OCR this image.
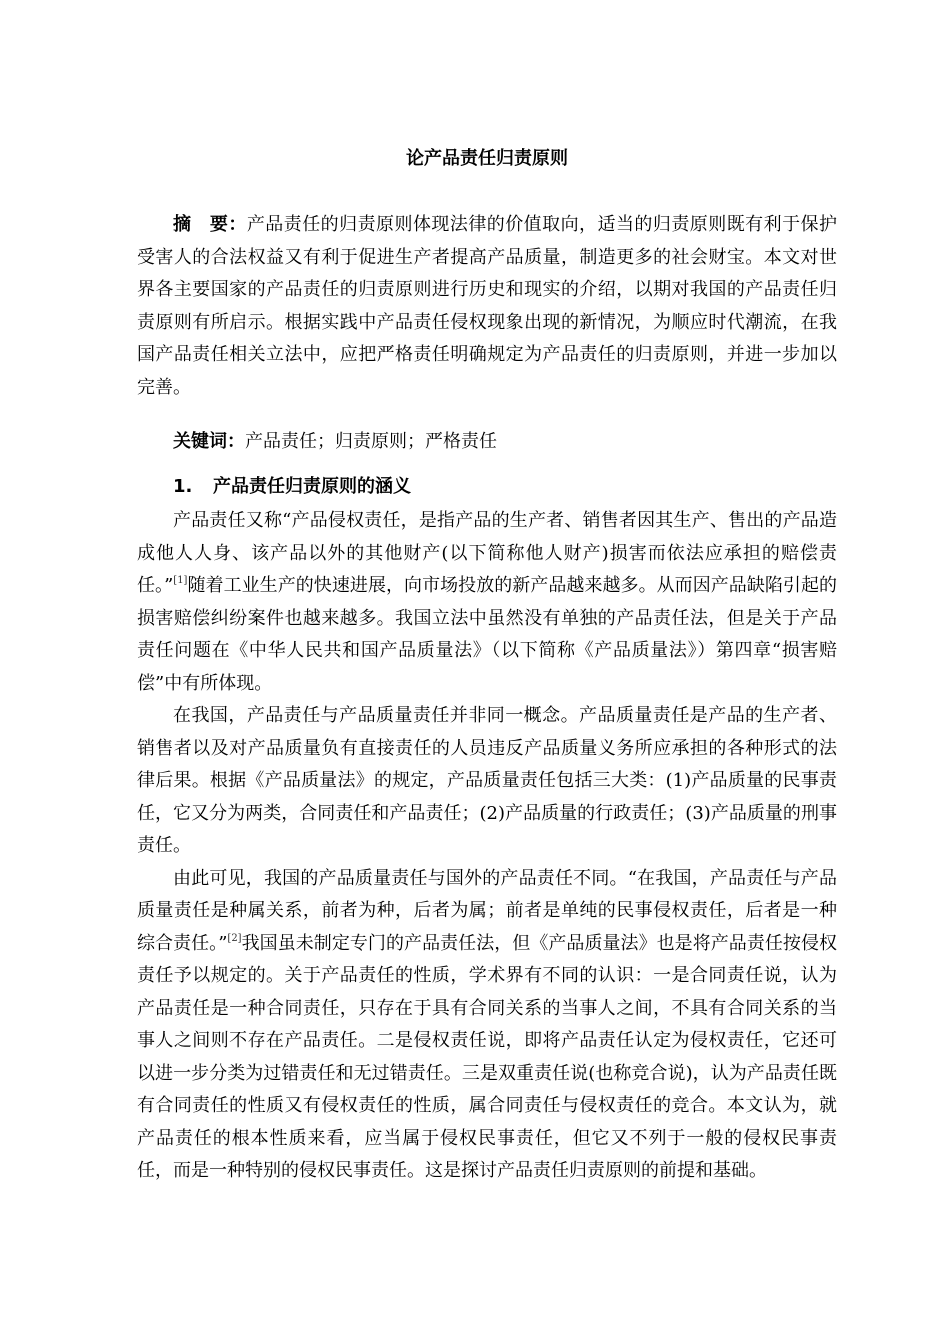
论产品责任归责原则

摘　要：产品责任的归责原则体现法律的价值取向，适当的归责原则既有利于保护受害人的合法权益又有利于促进生产者提高产品质量，制造更多的社会财宝。本文对世界各主要国家的产品责任的归责原则进行历史和现实的介绍，以期对我国的产品责任归责原则有所启示。根据实践中产品责任侵权现象出现的新情况，为顺应时代潮流，在我国产品责任相关立法中，应把严格责任明确规定为产品责任的归责原则，并进一步加以完善。

关键词：产品责任；归责原则；严格责任

1. 产品责任归责原则的涵义

产品责任又称“产品侵权责任，是指产品的生产者、销售者因其生产、售出的产品造成他人人身、该产品以外的其他财产(以下简称他人财产)损害而依法应承担的赔偿责任。”[1]随着工业生产的快速进展，向市场投放的新产品越来越多。从而因产品缺陷引起的损害赔偿纠纷案件也越来越多。我国立法中虽然没有单独的产品责任法，但是关于产品责任问题在《中华人民共和国产品质量法》（以下简称《产品质量法》）第四章“损害赔偿”中有所体现。

在我国，产品责任与产品质量责任并非同一概念。产品质量责任是产品的生产者、销售者以及对产品质量负有直接责任的人员违反产品质量义务所应承担的各种形式的法律后果。根据《产品质量法》的规定，产品质量责任包括三大类：(1)产品质量的民事责任，它又分为两类，合同责任和产品责任；(2)产品质量的行政责任；(3)产品质量的刑事责任。

由此可见，我国的产品质量责任与国外的产品责任不同。“在我国，产品责任与产品质量责任是种属关系，前者为种，后者为属；前者是单纯的民事侵权责任，后者是一种综合责任。”[2]我国虽未制定专门的产品责任法，但《产品质量法》也是将产品责任按侵权责任予以规定的。关于产品责任的性质，学术界有不同的认识：一是合同责任说，认为产品责任是一种合同责任，只存在于具有合同关系的当事人之间，不具有合同关系的当事人之间则不存在产品责任。二是侵权责任说，即将产品责任认定为侵权责任，它还可以进一步分类为过错责任和无过错责任。三是双重责任说(也称竞合说)，认为产品责任既有合同责任的性质又有侵权责任的性质，属合同责任与侵权责任的竞合。本文认为，就产品责任的根本性质来看，应当属于侵权民事责任，但它又不列于一般的侵权民事责任，而是一种特别的侵权民事责任。这是探讨产品责任归责原则的前提和基础。
